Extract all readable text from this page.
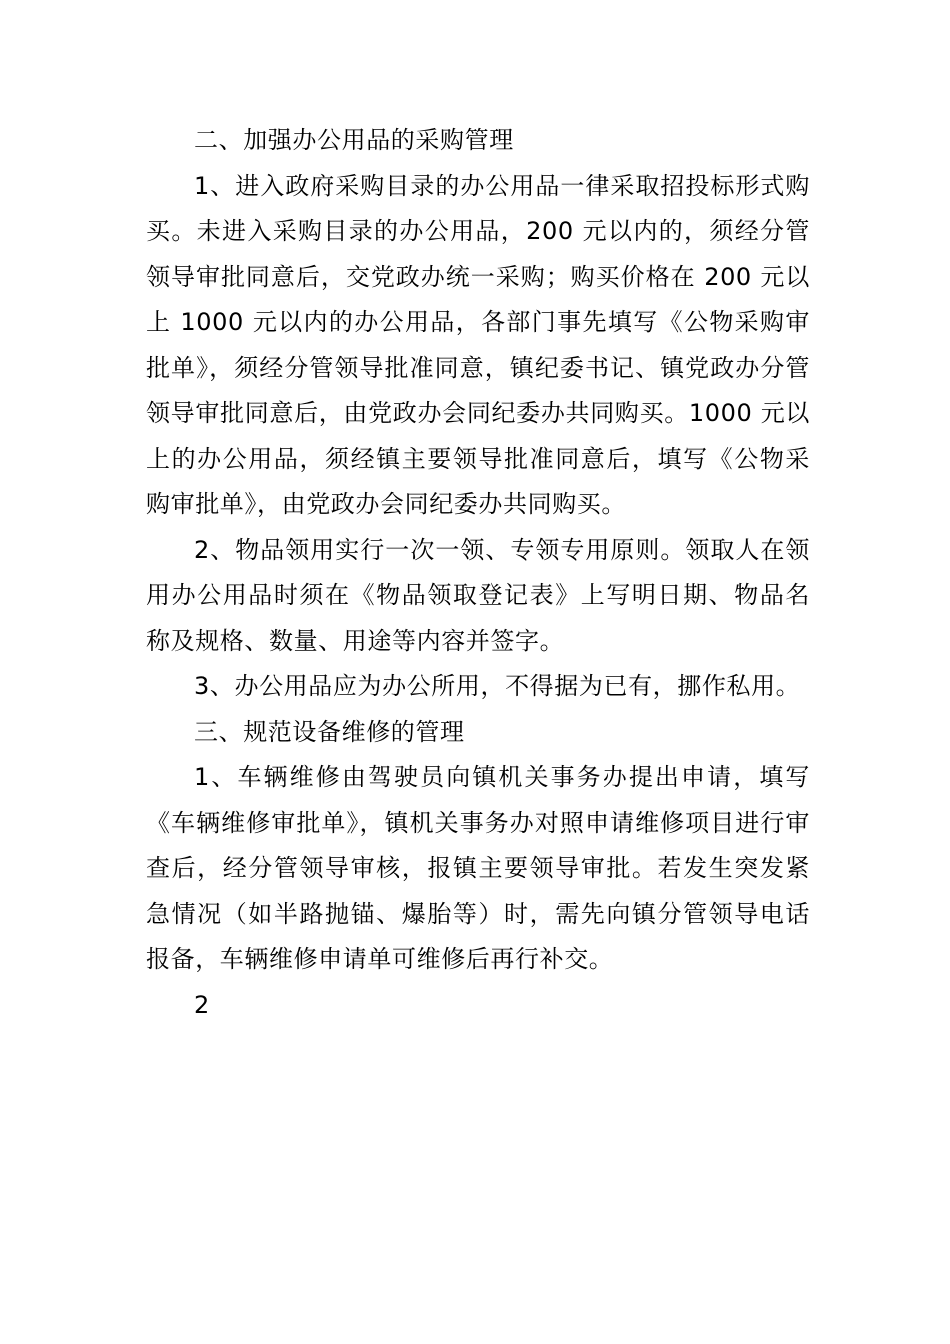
二、加强办公用品的采购管理

1、进入政府采购目录的办公用品一律采取招投标形式购买。未进入采购目录的办公用品，200 元以内的，须经分管领导审批同意后，交党政办统一采购；购买价格在 200 元以上 1000 元以内的办公用品，各部门事先填写《公物采购审批单》，须经分管领导批准同意，镇纪委书记、镇党政办分管领导审批同意后，由党政办会同纪委办共同购买。1000 元以上的办公用品，须经镇主要领导批准同意后，填写《公物采购审批单》，由党政办会同纪委办共同购买。

2、物品领用实行一次一领、专领专用原则。领取人在领用办公用品时须在《物品领取登记表》上写明日期、物品名称及规格、数量、用途等内容并签字。

3、办公用品应为办公所用，不得据为已有，挪作私用。

三、规范设备维修的管理

1、车辆维修由驾驶员向镇机关事务办提出申请，填写《车辆维修审批单》，镇机关事务办对照申请维修项目进行审查后，经分管领导审核，报镇主要领导审批。若发生突发紧急情况（如半路抛锚、爆胎等）时，需先向镇分管领导电话报备，车辆维修申请单可维修后再行补交。

2
